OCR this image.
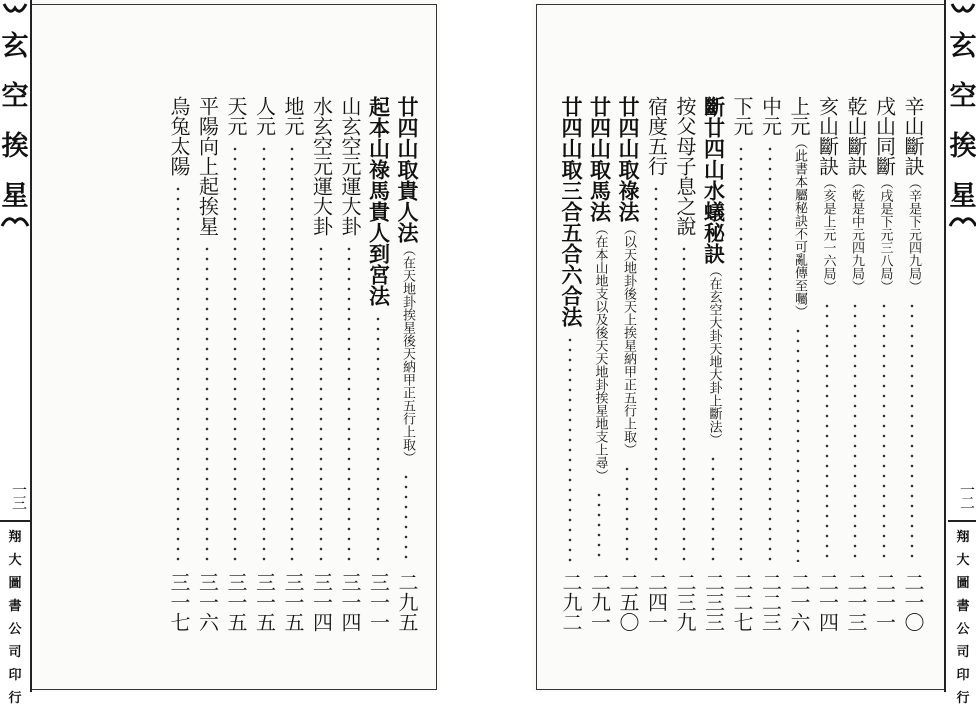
玄
空
挨
星
一三
翔
大
圖
書
公
司
印
行
廿四山取貴人法（在天地卦挨星後天納甲正五行上取）
二九五
起本山祿馬貴人到宮法
三一一
山玄空元運大卦
三一四
水玄空元運大卦
三一四
地元
三一五
人元
三一五
天元
三一五
平陽向上起挨星
三一六
烏兔太陽
三一七
辛山斷訣（辛是下元四九局）
二一〇
戌山同斷（戌是下元三八局）
二一一
乾山斷訣（乾是中元四九局）
二一三
亥山斷訣（亥是上元一六局）
二一四
上元（此書本屬秘訣不可亂傳至囑）
二一六
中元
二二三
下元
二二七
斷廿四山水蟻秘訣（在玄空大卦天地大卦上斷法）
二三三
按父母子息之說
二三九
宿度五行
二四一
廿四山取祿法（以天地卦後天上挨星納甲正五行上取）
二五〇
廿四山取馬法（在本山地支以及後天天地卦挨星地支上尋）
二九一
廿四山取三合五合六合法
二九二
玄
空
挨
星
一二
翔
大
圖
書
公
司
印
行
